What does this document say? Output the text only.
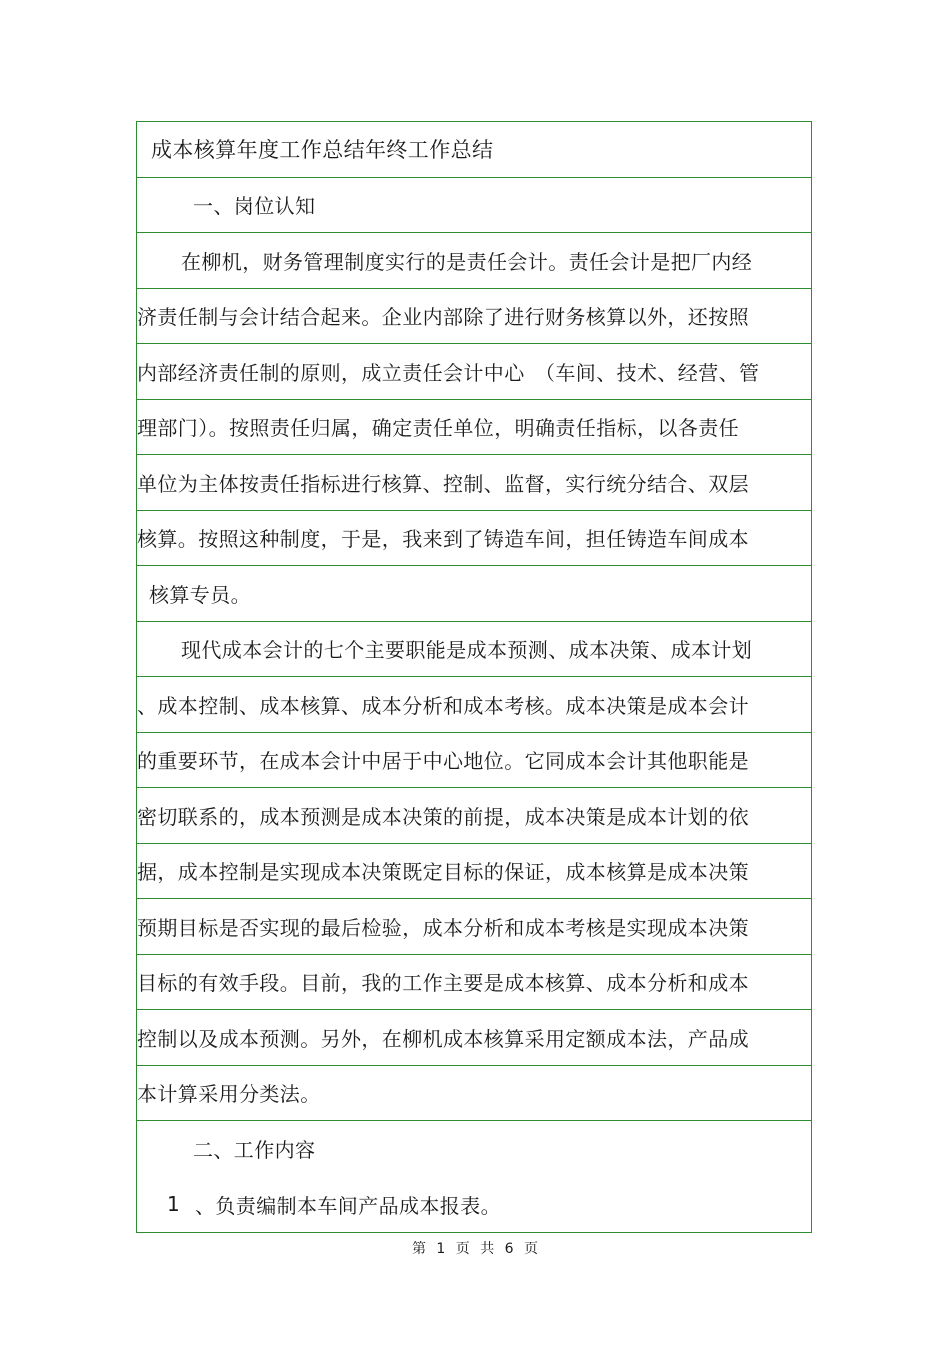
成本核算年度工作总结年终工作总结
一、岗位认知
在柳机，财务管理制度实行的是责任会计。责任会计是把厂内经
济责任制与会计结合起来。企业内部除了进行财务核算以外，还按照
内部经济责任制的原则，成立责任会计中心　（车间、技术、经营、管
理部门）。按照责任归属，确定责任单位，明确责任指标，以各责任
单位为主体按责任指标进行核算、控制、监督，实行统分结合、双层
核算。按照这种制度，于是，我来到了铸造车间，担任铸造车间成本
核算专员。
现代成本会计的七个主要职能是成本预测、成本决策、成本计划
、成本控制、成本核算、成本分析和成本考核。成本决策是成本会计
的重要环节，在成本会计中居于中心地位。它同成本会计其他职能是
密切联系的，成本预测是成本决策的前提，成本决策是成本计划的依
据，成本控制是实现成本决策既定目标的保证，成本核算是成本决策
预期目标是否实现的最后检验，成本分析和成本考核是实现成本决策
目标的有效手段。目前，我的工作主要是成本核算、成本分析和成本
控制以及成本预测。另外，在柳机成本核算采用定额成本法，产品成
本计算采用分类法。
二、工作内容
1 、负责编制本车间产品成本报表。
第 1 页 共 6 页
